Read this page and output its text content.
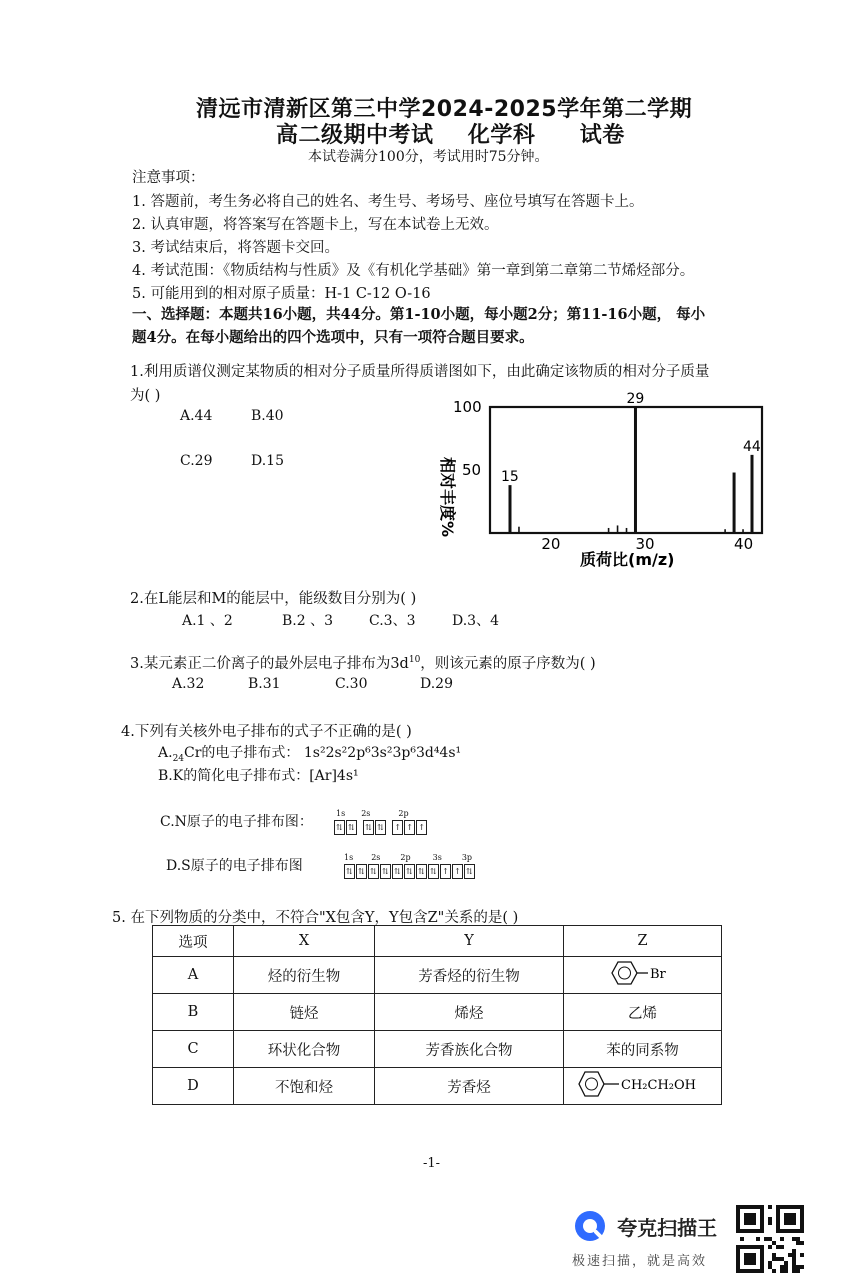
清远市清新区第三中学2024-2025学年第二学期
高二级期中考试 化学科 试卷
本试卷满分100分，考试用时75分钟。
注意事项：
1. 答题前，考生务必将自己的姓名、考生号、考场号、座位号填写在答题卡上。
2. 认真审题，将答案写在答题卡上，写在本试卷上无效。
3. 考试结束后，将答题卡交回。
4. 考试范围：《物质结构与性质》及《有机化学基础》第一章到第二章第二节烯烃部分。
5. 可能用到的相对原子质量：H-1 C-12 O-16
一、选择题：本题共16小题，共44分。第1-10小题，每小题2分；第11-16小题， 每小
题4分。在每小题给出的四个选项中，只有一项符合题目要求。
1.利用质谱仪测定某物质的相对分子质量所得质谱图如下，由此确定该物质的相对分子质量
为( )
A.44	B.40
C.29	D.15
15
29
44
100
50
20	30	40
相对丰度%
质荷比(m/z)
2.在L能层和M的能层中，能级数目分别为( )
A.1 、2	B.2 、3	C.3、3	D.3、4
3.某元素正二价离子的最外层电子排布为$3d^{10}$，则该元素的原子序数为( )
A.32	B.31	C.30	D.29
4.下列有关核外电子排布的式子不正确的是( )
$A._{24}Cr$的电子排布式： 1s²2s²2p⁶3s²3p⁶3d⁴4s¹
B.K的简化电子排布式：[Ar]4s¹
C.N原子的电子排布图：
1s 2s	2p
⇅ ⇅ ⇅ ⇅ ↑ ↑ ↑
D.S原子的电子排布图
1s 2s	2p	3s	3p
⇅ ⇅ ⇅ ⇅ ⇅ ⇅ ⇅ ⇅ ↑ ↑ ⇅
5. 在下列物质的分类中，不符合"X包含Y，Y包含Z"关系的是( )
选项	X	Y	Z
A	烃的衍生物	芳香烃的衍生物	Br

B	链烃	烯烃	乙烯
C	环状化合物	芳香族化合物	苯的同系物
D	不饱和烃	芳香烃	CH₂CH₂OH
-1-
夸克扫描王
极速扫描，就是高效
